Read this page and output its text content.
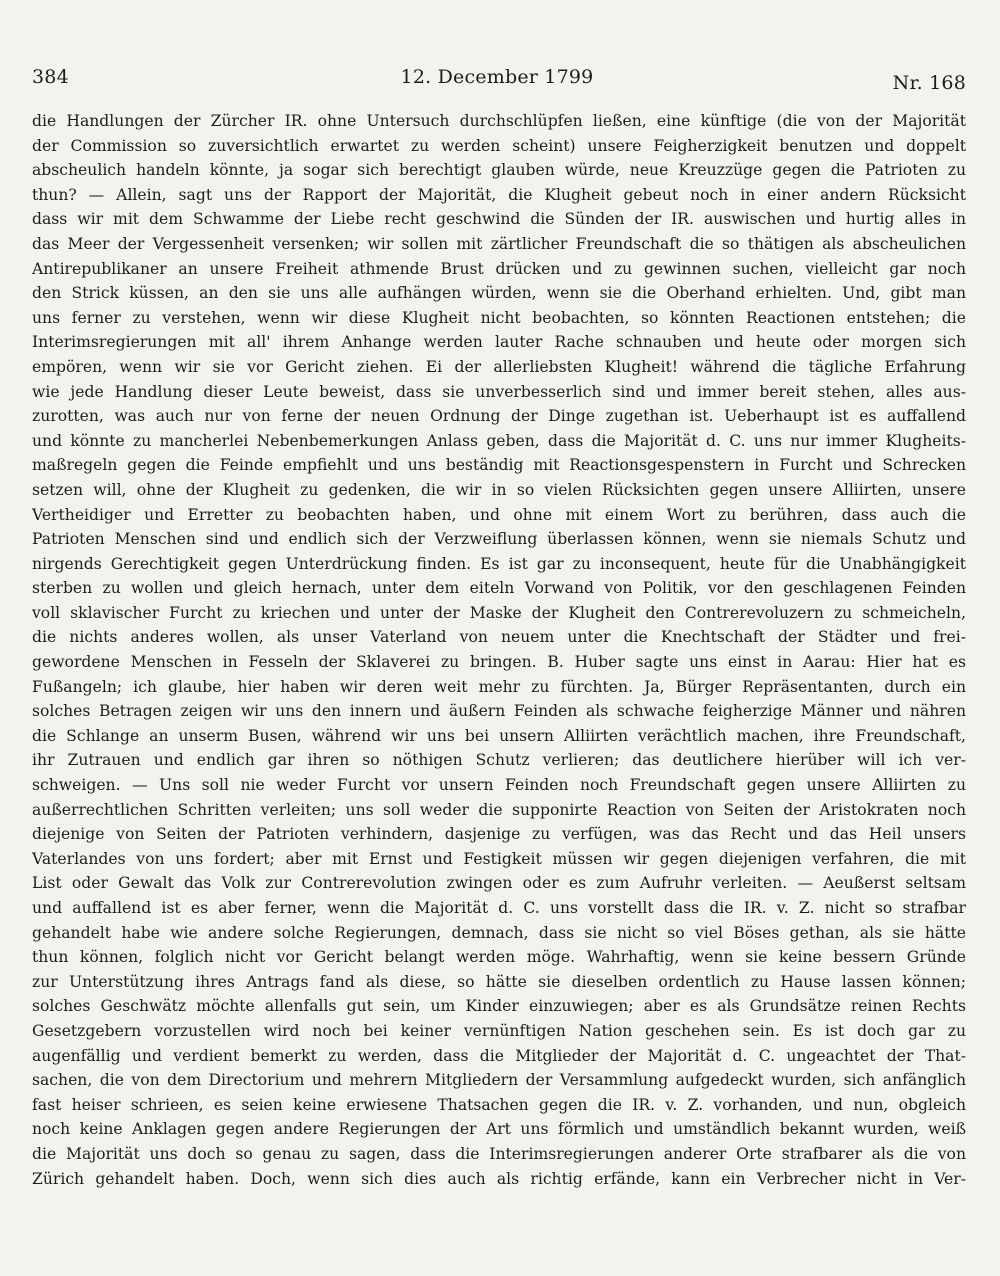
384	12. December 1799	Nr. 168
die Handlungen der Zürcher IR. ohne Untersuch durchschlüpfen ließen, eine künftige (die von der Majorität
der Commission so zuversichtlich erwartet zu werden scheint) unsere Feigherzigkeit benutzen und doppelt
abscheulich handeln könnte, ja sogar sich berechtigt glauben würde, neue Kreuzzüge gegen die Patrioten zu
thun? — Allein, sagt uns der Rapport der Majorität, die Klugheit gebeut noch in einer andern Rücksicht
dass wir mit dem Schwamme der Liebe recht geschwind die Sünden der IR. auswischen und hurtig alles in
das Meer der Vergessenheit versenken; wir sollen mit zärtlicher Freundschaft die so thätigen als abscheulichen
Antirepublikaner an unsere Freiheit athmende Brust drücken und zu gewinnen suchen, vielleicht gar noch
den Strick küssen, an den sie uns alle aufhängen würden, wenn sie die Oberhand erhielten. Und, gibt man
uns ferner zu verstehen, wenn wir diese Klugheit nicht beobachten, so könnten Reactionen entstehen; die
Interimsregierungen mit all' ihrem Anhange werden lauter Rache schnauben und heute oder morgen sich
empören, wenn wir sie vor Gericht ziehen. Ei der allerliebsten Klugheit! während die tägliche Erfahrung
wie jede Handlung dieser Leute beweist, dass sie unverbesserlich sind und immer bereit stehen, alles aus-
zurotten, was auch nur von ferne der neuen Ordnung der Dinge zugethan ist. Ueberhaupt ist es auffallend
und könnte zu mancherlei Nebenbemerkungen Anlass geben, dass die Majorität d. C. uns nur immer Klugheits-
maßregeln gegen die Feinde empfiehlt und uns beständig mit Reactionsgespenstern in Furcht und Schrecken
setzen will, ohne der Klugheit zu gedenken, die wir in so vielen Rücksichten gegen unsere Alliirten, unsere
Vertheidiger und Erretter zu beobachten haben, und ohne mit einem Wort zu berühren, dass auch die
Patrioten Menschen sind und endlich sich der Verzweiflung überlassen können, wenn sie niemals Schutz und
nirgends Gerechtigkeit gegen Unterdrückung finden. Es ist gar zu inconsequent, heute für die Unabhängigkeit
sterben zu wollen und gleich hernach, unter dem eiteln Vorwand von Politik, vor den geschlagenen Feinden
voll sklavischer Furcht zu kriechen und unter der Maske der Klugheit den Contrerevoluzern zu schmeicheln,
die nichts anderes wollen, als unser Vaterland von neuem unter die Knechtschaft der Städter und frei-
gewordene Menschen in Fesseln der Sklaverei zu bringen. B. Huber sagte uns einst in Aarau: Hier hat es
Fußangeln; ich glaube, hier haben wir deren weit mehr zu fürchten. Ja, Bürger Repräsentanten, durch ein
solches Betragen zeigen wir uns den innern und äußern Feinden als schwache feigherzige Männer und nähren
die Schlange an unserm Busen, während wir uns bei unsern Alliirten verächtlich machen, ihre Freundschaft,
ihr Zutrauen und endlich gar ihren so nöthigen Schutz verlieren; das deutlichere hierüber will ich ver-
schweigen. — Uns soll nie weder Furcht vor unsern Feinden noch Freundschaft gegen unsere Alliirten zu
außerrechtlichen Schritten verleiten; uns soll weder die supponirte Reaction von Seiten der Aristokraten noch
diejenige von Seiten der Patrioten verhindern, dasjenige zu verfügen, was das Recht und das Heil unsers
Vaterlandes von uns fordert; aber mit Ernst und Festigkeit müssen wir gegen diejenigen verfahren, die mit
List oder Gewalt das Volk zur Contrerevolution zwingen oder es zum Aufruhr verleiten. — Aeußerst seltsam
und auffallend ist es aber ferner, wenn die Majorität d. C. uns vorstellt dass die IR. v. Z. nicht so strafbar
gehandelt habe wie andere solche Regierungen, demnach, dass sie nicht so viel Böses gethan, als sie hätte
thun können, folglich nicht vor Gericht belangt werden möge. Wahrhaftig, wenn sie keine bessern Gründe
zur Unterstützung ihres Antrags fand als diese, so hätte sie dieselben ordentlich zu Hause lassen können;
solches Geschwätz möchte allenfalls gut sein, um Kinder einzuwiegen; aber es als Grundsätze reinen Rechts
Gesetzgebern vorzustellen wird noch bei keiner vernünftigen Nation geschehen sein. Es ist doch gar zu
augenfällig und verdient bemerkt zu werden, dass die Mitglieder der Majorität d. C. ungeachtet der That-
sachen, die von dem Directorium und mehrern Mitgliedern der Versammlung aufgedeckt wurden, sich anfänglich
fast heiser schrieen, es seien keine erwiesene Thatsachen gegen die IR. v. Z. vorhanden, und nun, obgleich
noch keine Anklagen gegen andere Regierungen der Art uns förmlich und umständlich bekannt wurden, weiß
die Majorität uns doch so genau zu sagen, dass die Interimsregierungen anderer Orte strafbarer als die von
Zürich gehandelt haben. Doch, wenn sich dies auch als richtig erfände, kann ein Verbrecher nicht in Ver-
